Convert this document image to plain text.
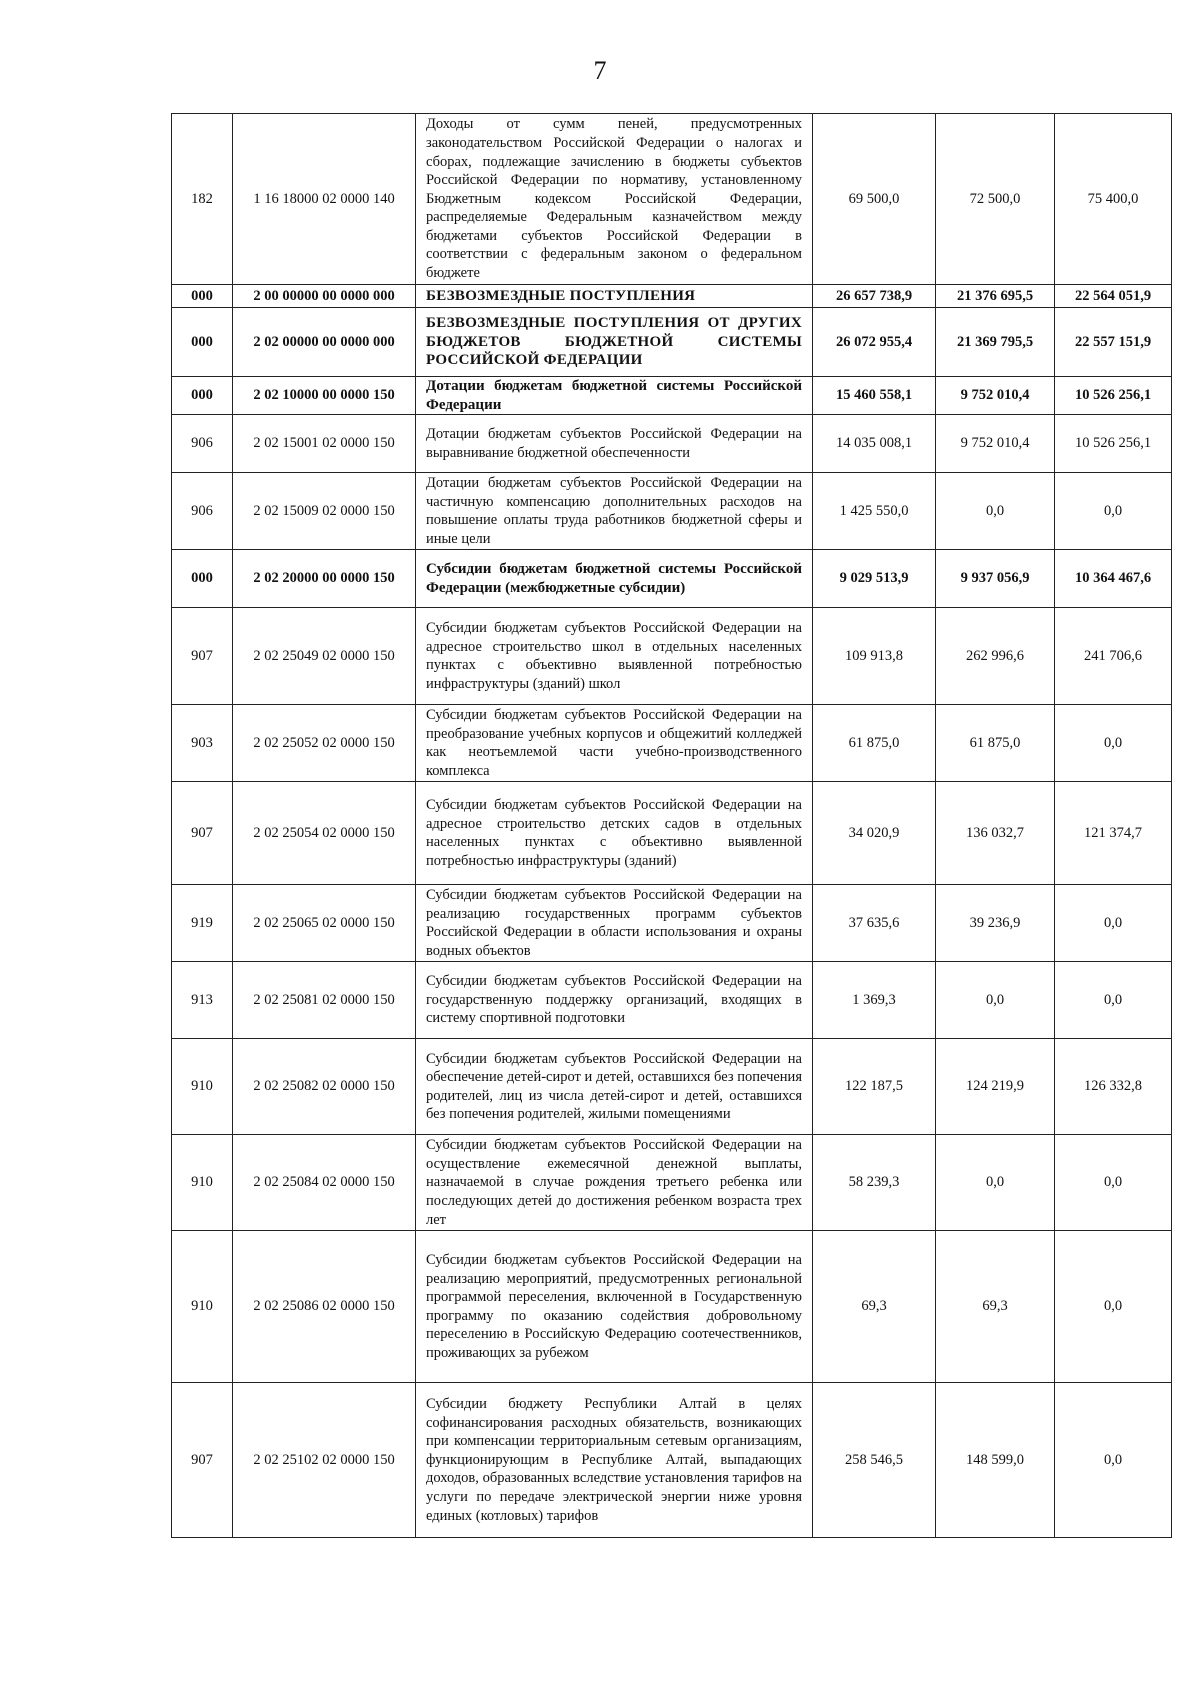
7
182	1 16 18000 02 0000 140	Доходы от сумм пеней, предусмотренных законодательством Российской Федерации о налогах и сборах, подлежащие зачислению в бюджеты субъектов Российской Федерации по нормативу, установленному Бюджетным кодексом Российской Федерации, распределяемые Федеральным казначейством между бюджетами субъектов Российской Федерации в соответствии с федеральным законом о федеральном бюджете	69 500,0	72 500,0	75 400,0
000	2 00 00000 00 0000 000	БЕЗВОЗМЕЗДНЫЕ ПОСТУПЛЕНИЯ	26 657 738,9	21 376 695,5	22 564 051,9
000	2 02 00000 00 0000 000	БЕЗВОЗМЕЗДНЫЕ ПОСТУПЛЕНИЯ ОТ ДРУГИХ БЮДЖЕТОВ БЮДЖЕТНОЙ СИСТЕМЫ РОССИЙСКОЙ ФЕДЕРАЦИИ	26 072 955,4	21 369 795,5	22 557 151,9
000	2 02 10000 00 0000 150	Дотации бюджетам бюджетной системы Российской Федерации	15 460 558,1	9 752 010,4	10 526 256,1
906	2 02 15001 02 0000 150	Дотации бюджетам субъектов Российской Федерации на выравнивание бюджетной обеспеченности	14 035 008,1	9 752 010,4	10 526 256,1
906	2 02 15009 02 0000 150	Дотации бюджетам субъектов Российской Федерации на частичную компенсацию дополнительных расходов на повышение оплаты труда работников бюджетной сферы и иные цели	1 425 550,0	0,0	0,0
000	2 02 20000 00 0000 150	Субсидии бюджетам бюджетной системы Российской Федерации (межбюджетные субсидии)	9 029 513,9	9 937 056,9	10 364 467,6
907	2 02 25049 02 0000 150	Субсидии бюджетам субъектов Российской Федерации на адресное строительство школ в отдельных населенных пунктах с объективно выявленной потребностью инфраструктуры (зданий) школ	109 913,8	262 996,6	241 706,6
903	2 02 25052 02 0000 150	Субсидии бюджетам субъектов Российской Федерации на преобразование учебных корпусов и общежитий колледжей как неотъемлемой части учебно-производственного комплекса	61 875,0	61 875,0	0,0
907	2 02 25054 02 0000 150	Субсидии бюджетам субъектов Российской Федерации на адресное строительство детских садов в отдельных населенных пунктах с объективно выявленной потребностью инфраструктуры (зданий)	34 020,9	136 032,7	121 374,7
919	2 02 25065 02 0000 150	Субсидии бюджетам субъектов Российской Федерации на реализацию государственных программ субъектов Российской Федерации в области использования и охраны водных объектов	37 635,6	39 236,9	0,0
913	2 02 25081 02 0000 150	Субсидии бюджетам субъектов Российской Федерации на государственную поддержку организаций, входящих в систему спортивной подготовки	1 369,3	0,0	0,0
910	2 02 25082 02 0000 150	Субсидии бюджетам субъектов Российской Федерации на обеспечение детей-сирот и детей, оставшихся без попечения родителей, лиц из числа детей-сирот и детей, оставшихся без попечения родителей, жилыми помещениями	122 187,5	124 219,9	126 332,8
910	2 02 25084 02 0000 150	Субсидии бюджетам субъектов Российской Федерации на осуществление ежемесячной денежной выплаты, назначаемой в случае рождения третьего ребенка или последующих детей до достижения ребенком возраста трех лет	58 239,3	0,0	0,0
910	2 02 25086 02 0000 150	Субсидии бюджетам субъектов Российской Федерации на реализацию мероприятий, предусмотренных региональной программой переселения, включенной в Государственную программу по оказанию содействия добровольному переселению в Российскую Федерацию соотечественников, проживающих за рубежом	69,3	69,3	0,0
907	2 02 25102 02 0000 150	Субсидии бюджету Республики Алтай в целях софинансирования расходных обязательств, возникающих при компенсации территориальным сетевым организациям, функционирующим в Республике Алтай, выпадающих доходов, образованных вследствие установления тарифов на услуги по передаче электрической энергии ниже уровня единых (котловых) тарифов	258 546,5	148 599,0	0,0
